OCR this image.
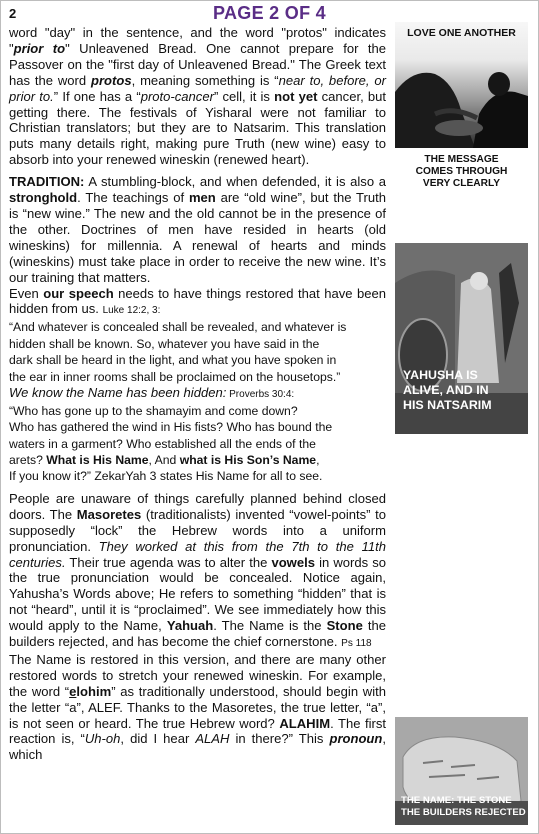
2	PAGE 2 OF 4

word "day" in the sentence, and the word "protos" indicates "prior to" Unleavened Bread. One cannot prepare for the Passover on the "first day of Unleavened Bread." The Greek text has the word protos, meaning something is “near to, before, or prior to.” If one has a “proto-cancer” cell, it is not yet cancer, but getting there. The festivals of Yisharal were not familiar to Christian translators; but they are to Natsarim. This translation puts many details right, making pure Truth (new wine) easy to absorb into your renewed wineskin (renewed heart).

TRADITION: A stumbling-block, and when defended, it is also a stronghold. The teachings of men are “old wine”, but the Truth is “new wine.” The new and the old cannot be in the presence of the other. Doctrines of men have resided in hearts (old wineskins) for millennia. A renewal of hearts and minds (wineskins) must take place in order to receive the new wine. It’s our training that matters.

Even our speech needs to have things restored that have been hidden from us. Luke 12:2, 3:

“And whatever is concealed shall be revealed, and whatever is
hidden shall be known. So, whatever you have said in the
dark shall be heard in the light, and what you have spoken in
the ear in inner rooms shall be proclaimed on the housetops.”

We know the Name has been hidden: Proverbs 30:4:

“Who has gone up to the shamayim and come down?
Who has gathered the wind in His fists? Who has bound the
waters in a garment? Who established all the ends of the
arets? What is His Name, And what is His Son’s Name,
If you know it?” ZekarYah 3 states His Name for all to see.

People are unaware of things carefully planned behind closed doors. The Masoretes (traditionalists) invented “vowel-points” to supposedly “lock” the Hebrew words into a uniform pronunciation. They worked at this from the 7th to the 11th centuries. Their true agenda was to alter the vowels in words so the true pronunciation would be concealed. Notice again, Yahusha’s Words above; He refers to something “hidden” that is not “heard”, until it is “proclaimed”. We see immediately how this would apply to the Name, Yahuah. The Name is the Stone the builders rejected, and has become the chief cornerstone. Ps 118

The Name is restored in this version, and there are many other restored words to stretch your renewed wineskin. For example, the word “elohim” as traditionally understood, should begin with the letter “a”, ALEF. Thanks to the Masoretes, the true letter, “a”, is not seen or heard. The true Hebrew word? ALAHIM. The first reaction is, “Uh-oh, did I hear ALAH in there?” This pronoun, which

LOVE ONE ANOTHER
THE MESSAGE
COMES THROUGH
VERY CLEARLY
YAHUSHA IS
ALIVE, AND IN
HIS NATSARIM
THE NAME: THE STONE
THE BUILDERS REJECTED
